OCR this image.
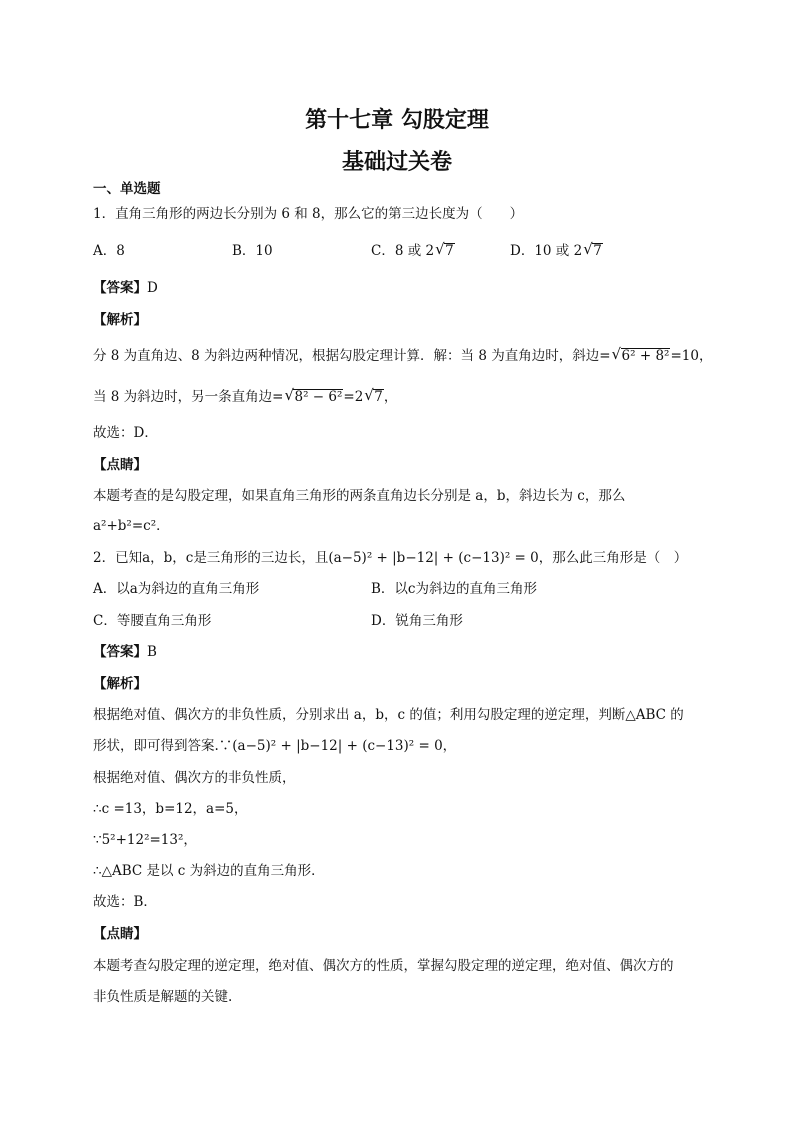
第十七章 勾股定理
基础过关卷
一、单选题
1．直角三角形的两边长分别为 6 和 8，那么它的第三边长度为（　　）
A．8	B．10	C．8 或 2 √ 7	D．10 或 2 √ 7
【答案】D
【解析】
分 8 为直角边、8 为斜边两种情况，根据勾股定理计算．解：当 8 为直角边时，斜边= √ 6² + 8²=10，
当 8 为斜边时，另一条直角边= √ 8² − 6²=2 √ 7，
故选：D．
【点睛】
本题考查的是勾股定理，如果直角三角形的两条直角边长分别是 a，b，斜边长为 c，那么
a²+b²=c²．
2．已知a，b，c是三角形的三边长，且(a−5)² + |b−12| + (c−13)² = 0，那么此三角形是（　）
A．以a为斜边的直角三角形	B．以c为斜边的直角三角形
C．等腰直角三角形	D．锐角三角形
【答案】B
【解析】
根据绝对值、偶次方的非负性质，分别求出 a，b，c 的值；利用勾股定理的逆定理，判断△ABC 的
形状，即可得到答案.∵(a−5)² + |b−12| + (c−13)² = 0，
根据绝对值、偶次方的非负性质，
∴c =13，b=12，a=5，
∵5²+12²=13²，
∴△ABC 是以 c 为斜边的直角三角形．
故选：B．
【点睛】
本题考查勾股定理的逆定理，绝对值、偶次方的性质，掌握勾股定理的逆定理，绝对值、偶次方的
非负性质是解题的关键.
